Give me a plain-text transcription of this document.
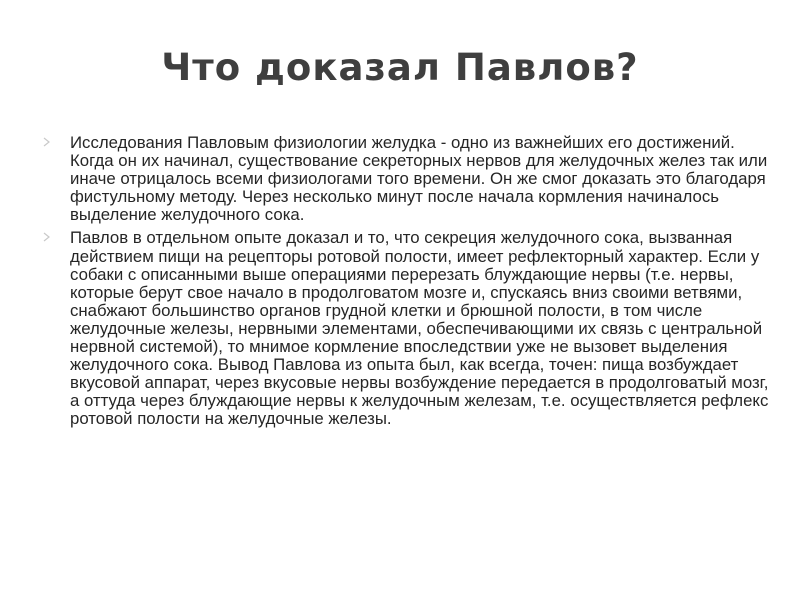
Что доказал Павлов?
Исследования Павловым физиологии желудка - одно из важнейших его достижений. Когда он их начинал, существование секреторных нервов для желудочных желез так или иначе отрицалось всеми физиологами того времени. Он же смог доказать это благодаря фистульному методу. Через несколько минут после начала кормления начиналось выделение желудочного сока.
Павлов в отдельном опыте доказал и то, что секреция желудочного сока, вызванная действием пищи на рецепторы ротовой полости, имеет рефлекторный характер. Если у собаки с описанными выше операциями перерезать блуждающие нервы (т.е. нервы, которые берут свое начало в продолговатом мозге и, спускаясь вниз своими ветвями, снабжают большинство органов грудной клетки и брюшной полости, в том числе желудочные железы, нервными элементами, обеспечивающими их связь с центральной нервной системой), то мнимое кормление впоследствии уже не вызовет выделения желудочного сока. Вывод Павлова из опыта был, как всегда, точен: пища возбуждает вкусовой аппарат, через вкусовые нервы возбуждение передается в продолговатый мозг, а оттуда через блуждающие нервы к желудочным железам, т.е. осуществляется рефлекс ротовой полости на желудочные железы.
